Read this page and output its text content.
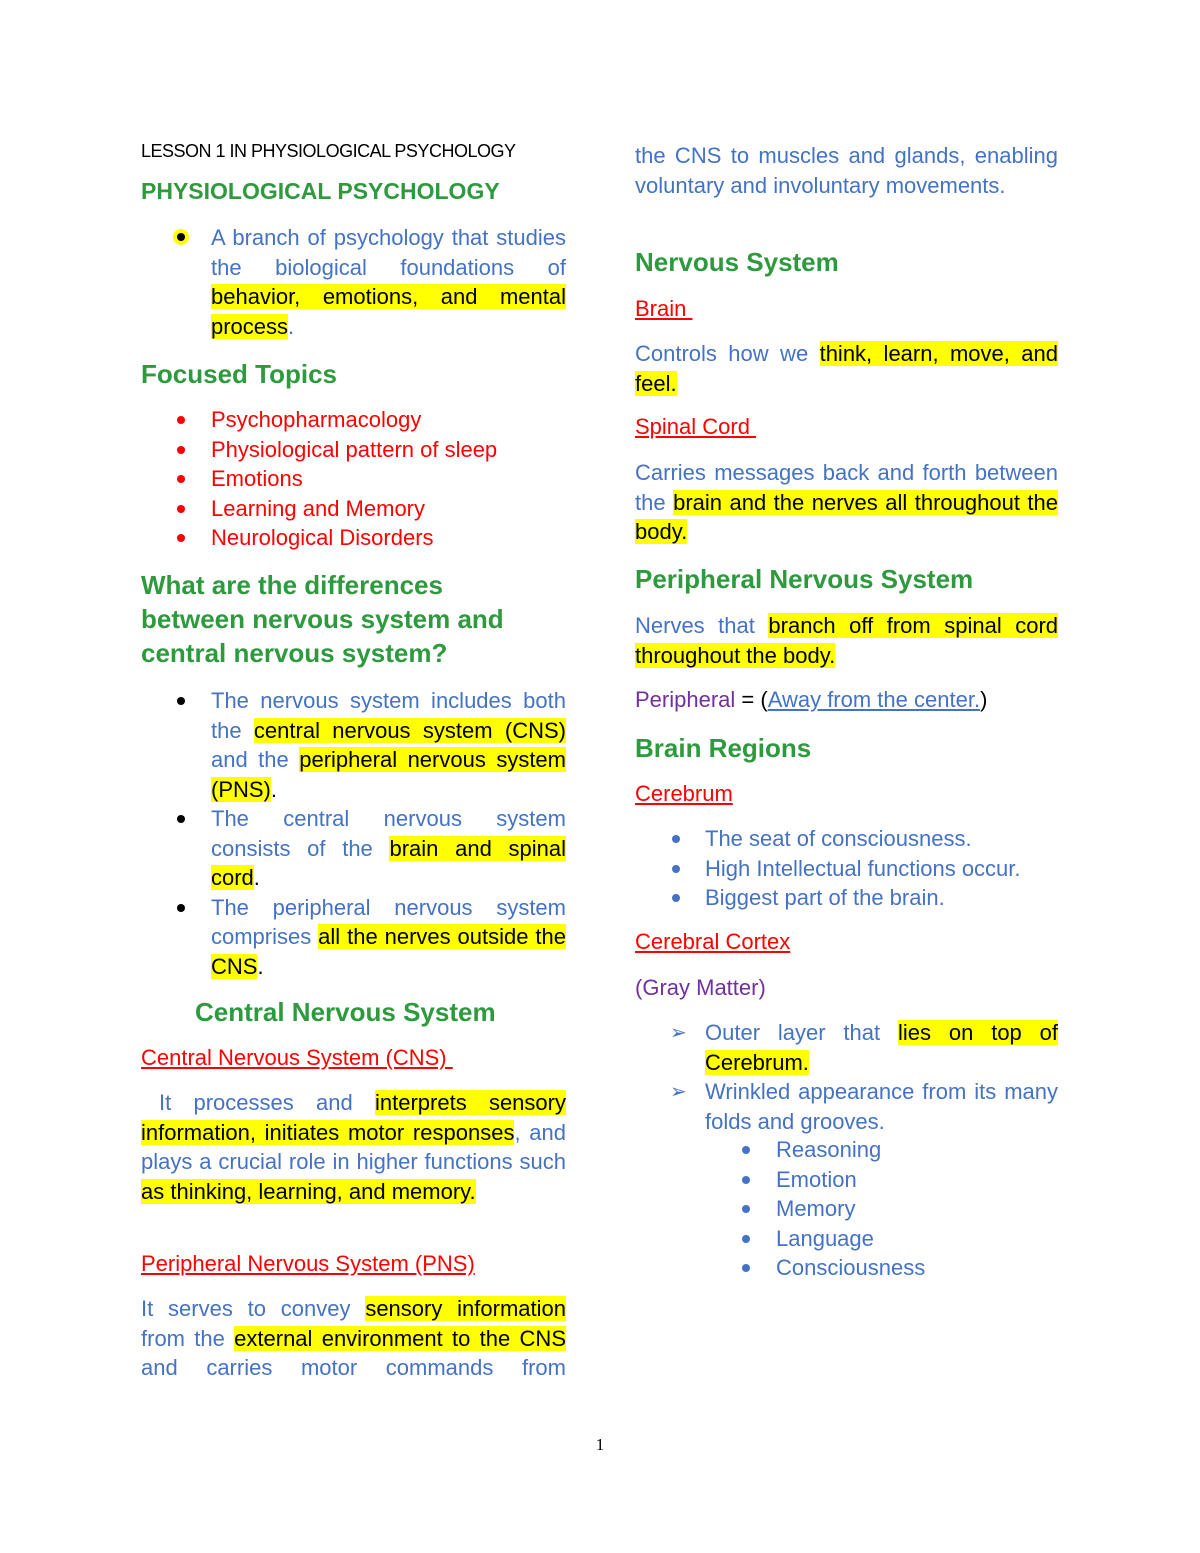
LESSON 1 IN PHYSIOLOGICAL PSYCHOLOGY
PHYSIOLOGICAL PSYCHOLOGY

A branch of psychology that studies the biological foundations of behavior, emotions, and mental process.

Focused Topics
Psychopharmacology
Physiological pattern of sleep
Emotions
Learning and Memory
Neurological Disorders
What are the differences between nervous system and central nervous system?
The nervous system includes both the central nervous system (CNS) and the peripheral nervous system (PNS).
The central nervous system consists of the brain and spinal cord.
The peripheral nervous system comprises all the nerves outside the CNS.
Central Nervous System
Central Nervous System (CNS)

It processes and interprets sensory information, initiates motor responses, and plays a crucial role in higher functions such as thinking, learning, and memory.

Peripheral Nervous System (PNS)

It serves to convey sensory information from the external environment to the CNS and carries motor commands from

the CNS to muscles and glands, enabling voluntary and involuntary movements.

Nervous System
Brain

Controls how we think, learn, move, and feel.

Spinal Cord

Carries messages back and forth between the brain and the nerves all throughout the body.

Peripheral Nervous System

Nerves that branch off from spinal cord throughout the body.

Peripheral = (Away from the center.)
Brain Regions
Cerebrum
The seat of consciousness.
High Intellectual functions occur.
Biggest part of the brain.
Cerebral Cortex
(Gray Matter)
➢ Outer layer that lies on top of Cerebrum.
➢ Wrinkled appearance from its many folds and grooves.
Reasoning
Emotion
Memory
Language
Consciousness
1
